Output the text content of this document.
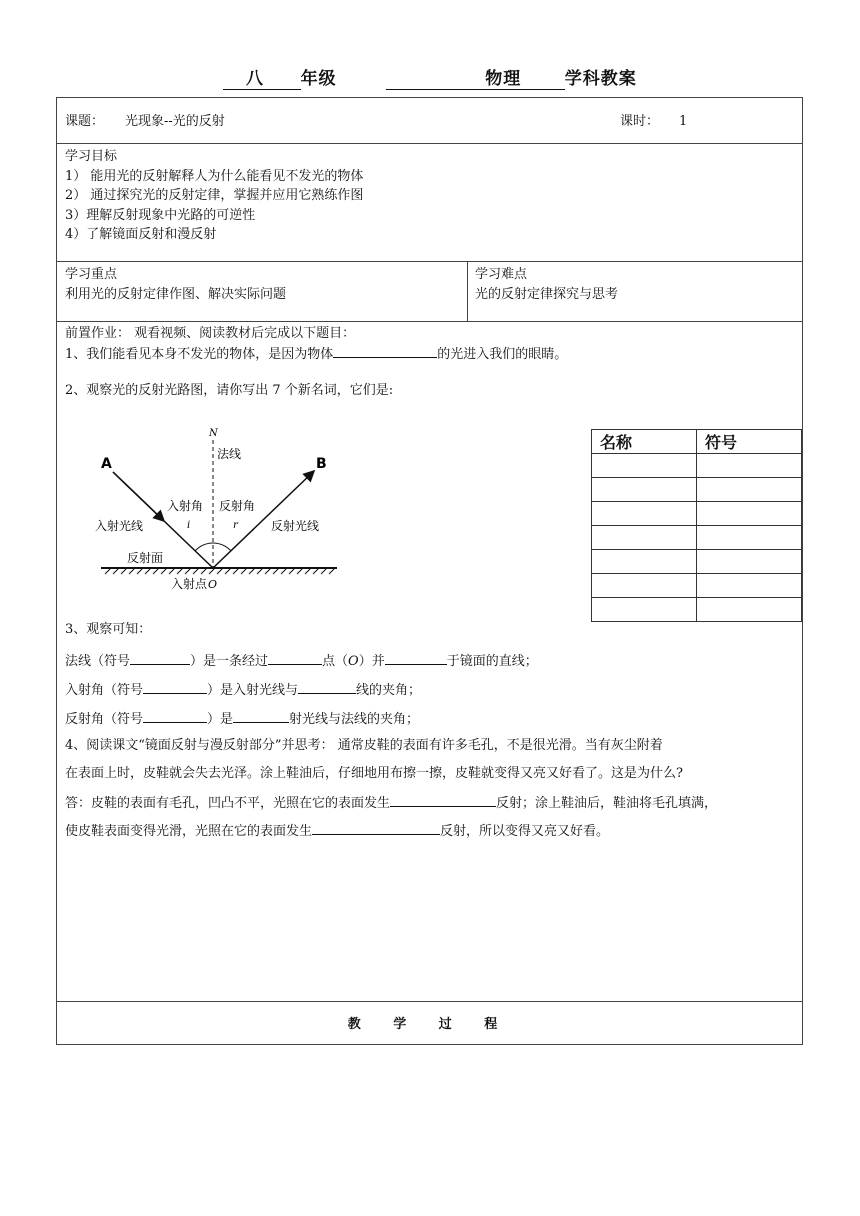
八 年级	物理	学科教案
课题： 光现象--光的反射	课时： 1
学习目标
1） 能用光的反射解释人为什么能看见不发光的物体
2） 通过探究光的反射定律，掌握并应用它熟练作图
3）理解反射现象中光路的可逆性
4）了解镜面反射和漫反射
学习重点
利用光的反射定律作图、解决实际问题
学习难点
光的反射定律探究与思考
前置作业： 观看视频、阅读教材后完成以下题目：
1、我们能看见本身不发光的物体，是因为物体	的光进入我们的眼睛。
2、观察光的反射光路图，请你写出 7 个新名词，它们是:
A	B
N
法线
入射角
i
反射角
r
入射光线	反射光线
反射面
入射点 O
名称	符号

3、观察可知：
法线（符号	）是一条经过	点（O）并	于镜面的直线；
入射角（符号	）是入射光线与	线的夹角；
反射角（符号	）是	射光线与法线的夹角；
4、阅读课文“镜面反射与漫反射部分”并思考： 通常皮鞋的表面有许多毛孔，不是很光滑。当有灰尘附着
在表面上时，皮鞋就会失去光泽。涂上鞋油后，仔细地用布擦一擦，皮鞋就变得又亮又好看了。这是为什么?
答：皮鞋的表面有毛孔，凹凸不平，光照在它的表面发生	反射；涂上鞋油后，鞋油将毛孔填满，
使皮鞋表面变得光滑，光照在它的表面发生	反射，所以变得又亮又好看。
教 学 过 程
